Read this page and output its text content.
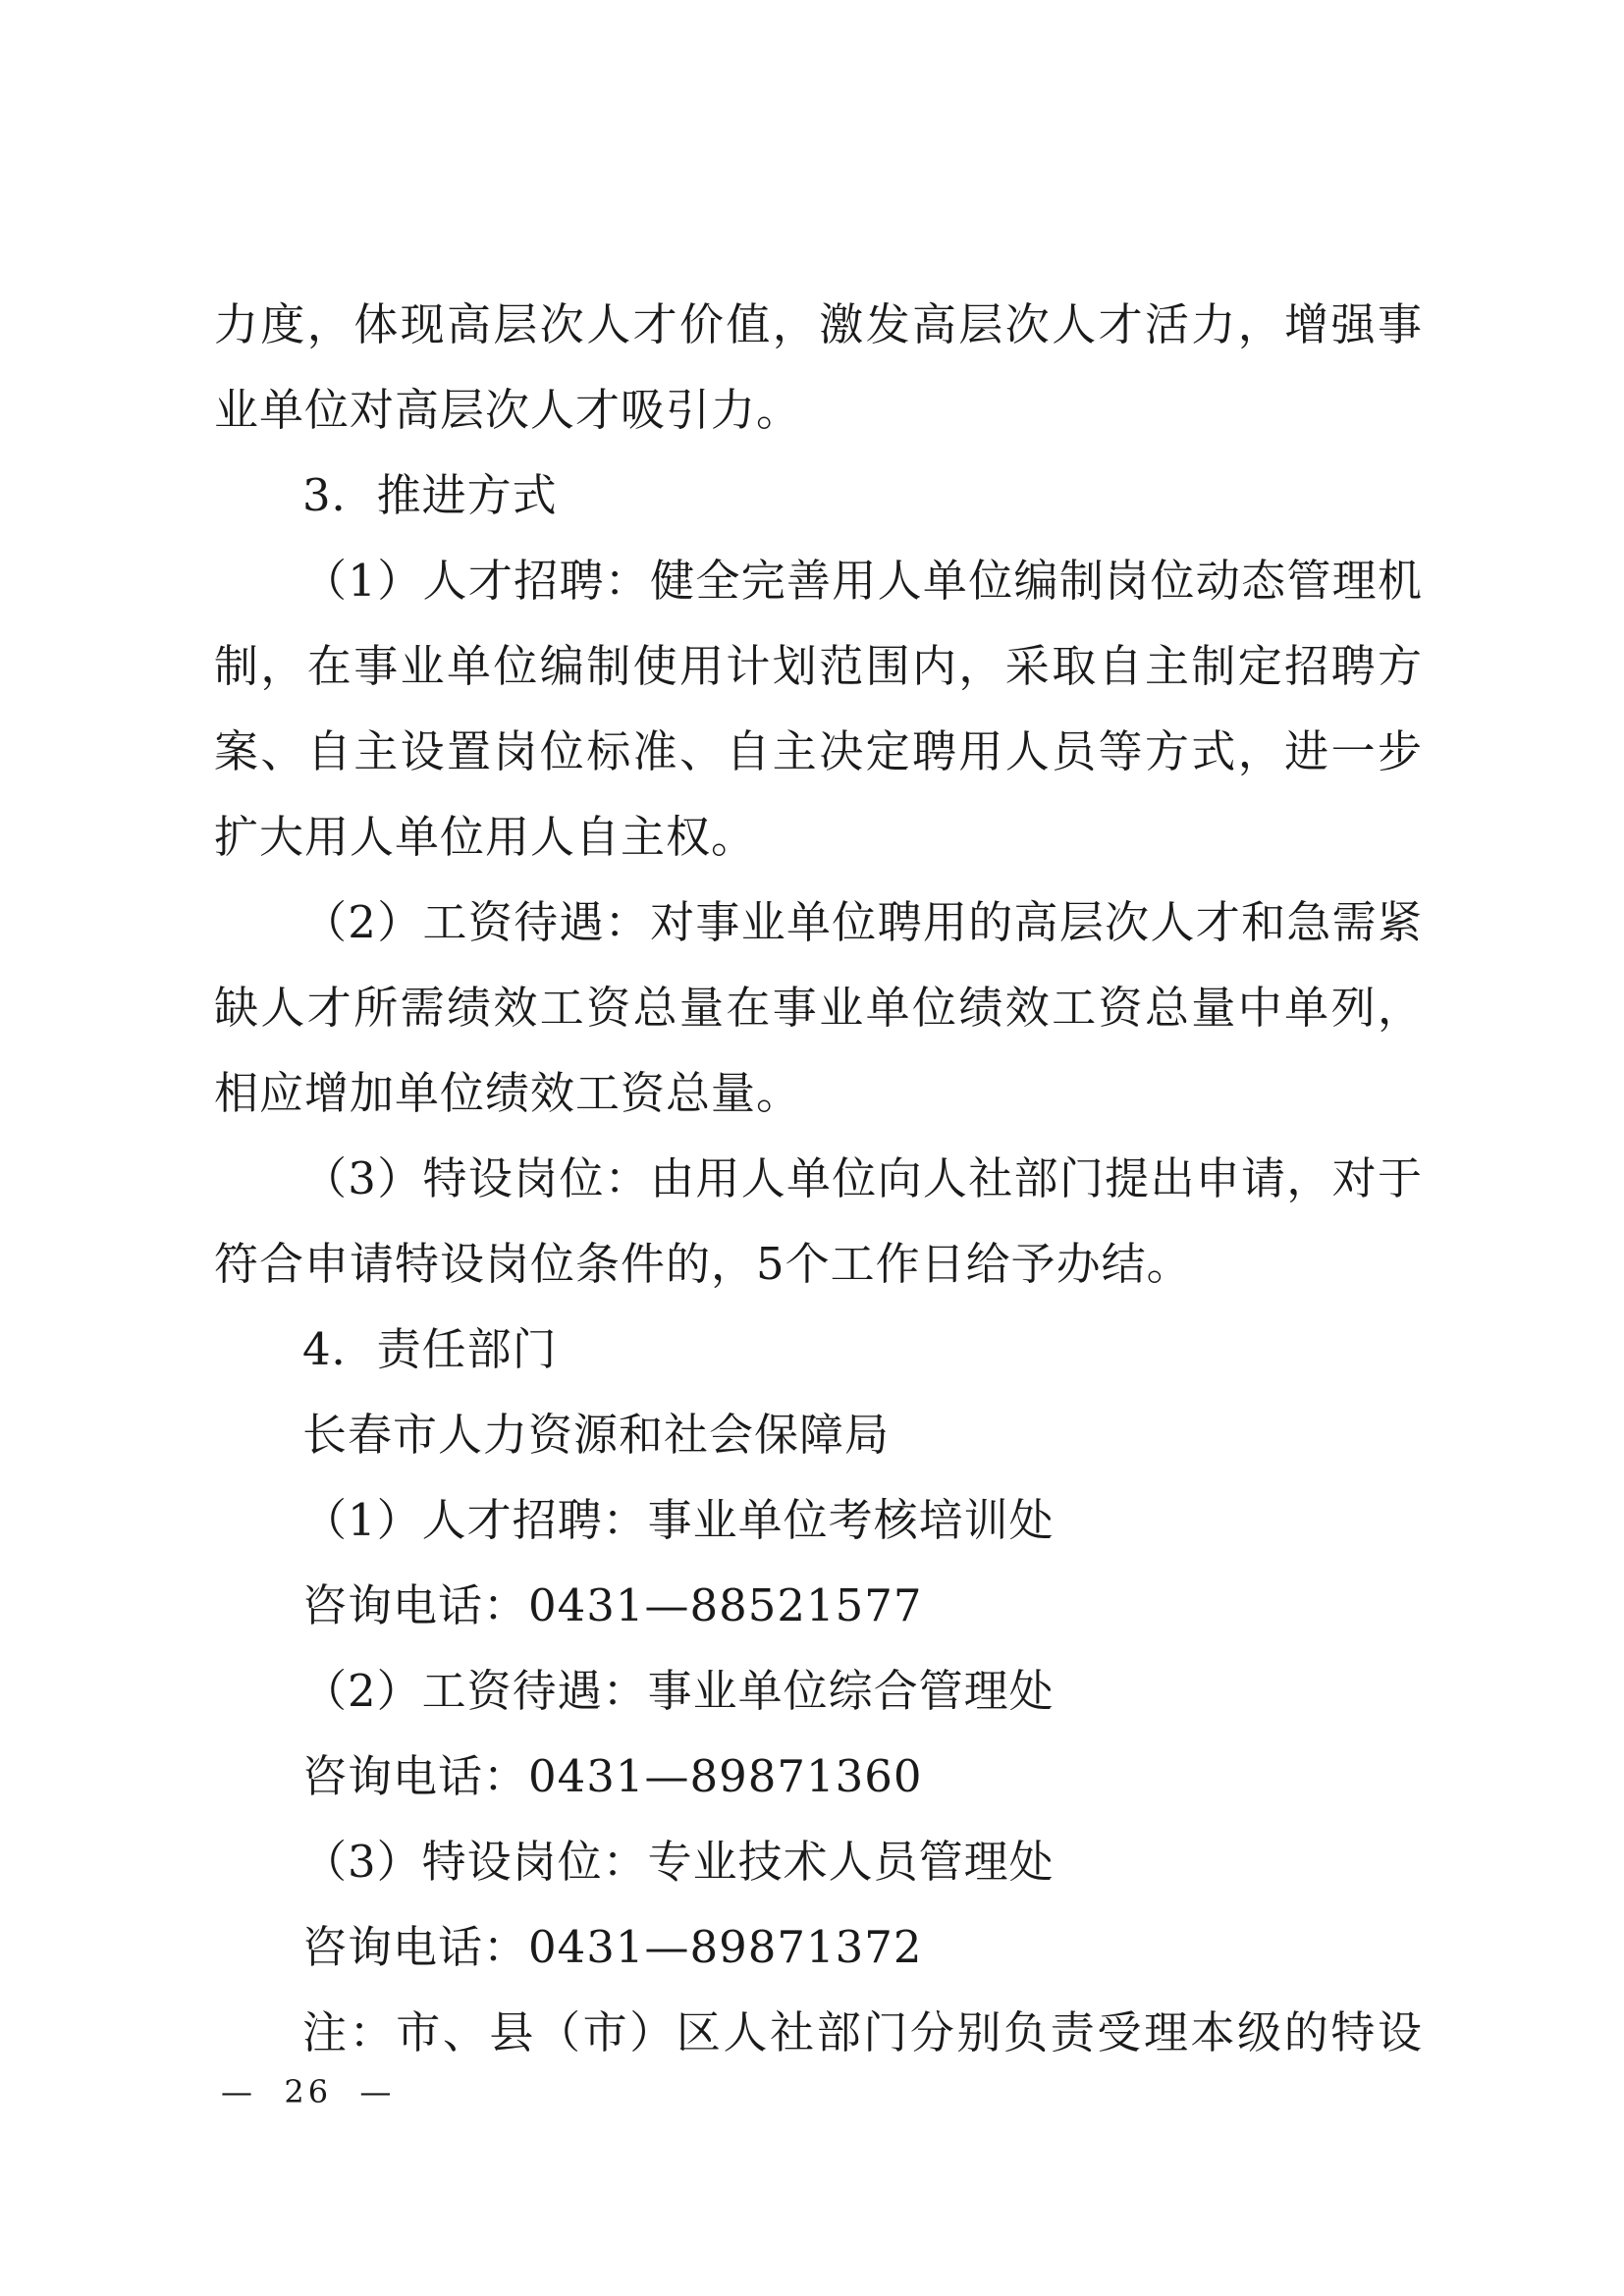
力度，体现高层次人才价值，激发高层次人才活力，增强事
业单位对高层次人才吸引力。
3．推进方式
（1）人才招聘：健全完善用人单位编制岗位动态管理机
制，在事业单位编制使用计划范围内，采取自主制定招聘方
案、自主设置岗位标准、自主决定聘用人员等方式，进一步
扩大用人单位用人自主权。
（2）工资待遇：对事业单位聘用的高层次人才和急需紧
缺人才所需绩效工资总量在事业单位绩效工资总量中单列，
相应增加单位绩效工资总量。
（3）特设岗位：由用人单位向人社部门提出申请，对于
符合申请特设岗位条件的，5个工作日给予办结。
4．责任部门
长春市人力资源和社会保障局
（1）人才招聘：事业单位考核培训处
咨询电话：0431—88521577
（2）工资待遇：事业单位综合管理处
咨询电话：0431—89871360
（3）特设岗位：专业技术人员管理处
咨询电话：0431—89871372
注：市、县（市）区人社部门分别负责受理本级的特设
—  26  —
